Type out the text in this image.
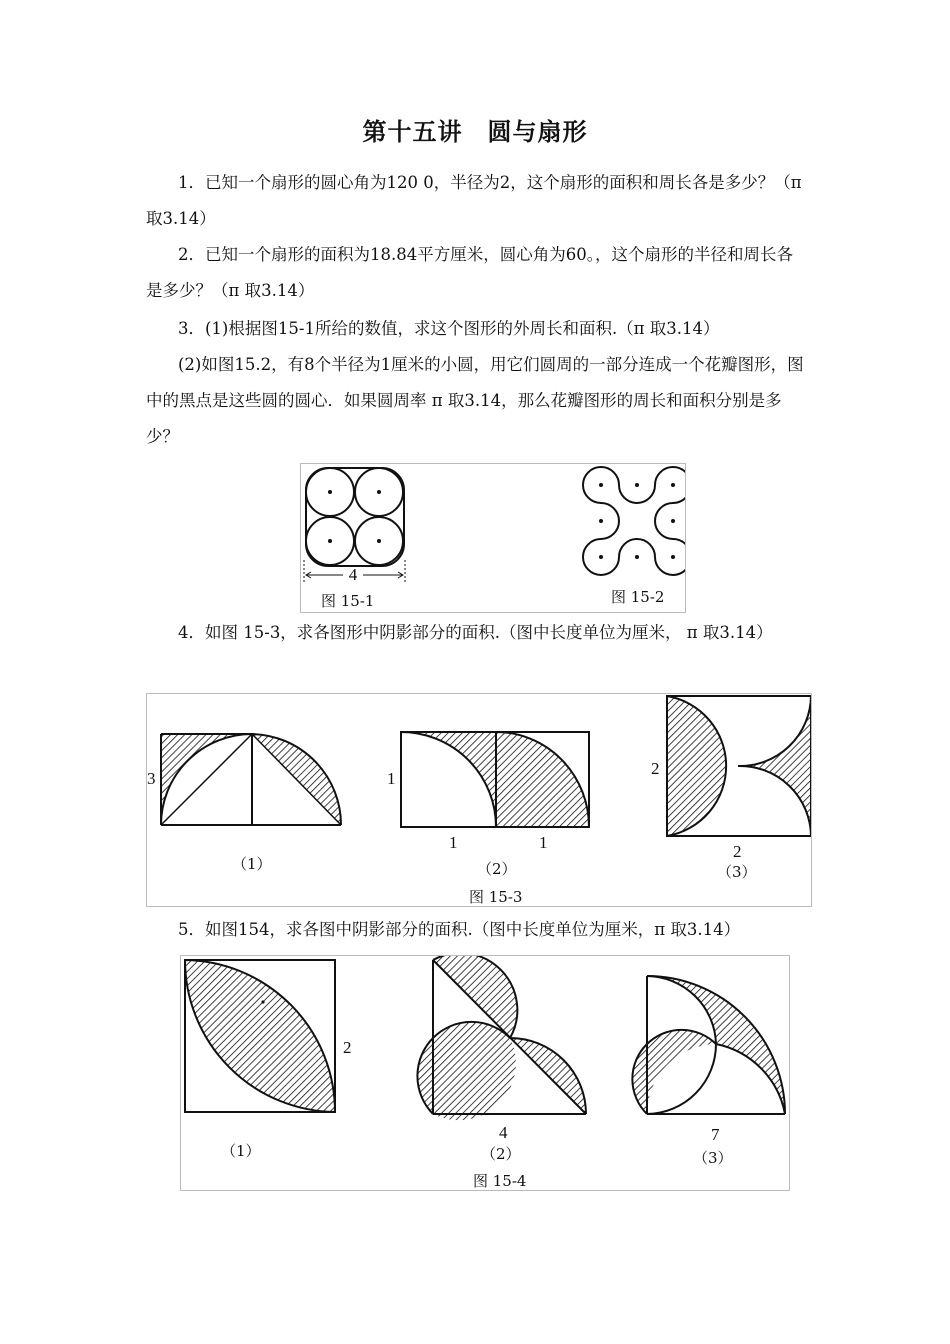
第十五讲　圆与扇形
1．已知一个扇形的圆心角为120 0，半径为2，这个扇形的面积和周长各是多少？（π 取3.14）
2．已知一个扇形的面积为18.84平方厘米，圆心角为60。，这个扇形的半径和周长各是多少？（π 取3.14）
3．(1)根据图15-1所给的数值，求这个图形的外周长和面积.（π 取3.14）
(2)如图15.2，有8个半径为1厘米的小圆，用它们圆周的一部分连成一个花瓣图形，图中的黑点是这些圆的圆心．如果圆周率 π 取3.14，那么花瓣图形的周长和面积分别是多少？
4
图 15-1	图 15-2
4．如图 15-3，求各图形中阴影部分的面积.（图中长度单位为厘米， π 取3.14）
3
（1）
1
1	1
（2）
2
2
（3）
图 15-3
5．如图154，求各图中阴影部分的面积.（图中长度单位为厘米，π 取3.14）
2
（1）
4
（2）
7
（3）
图 15-4
